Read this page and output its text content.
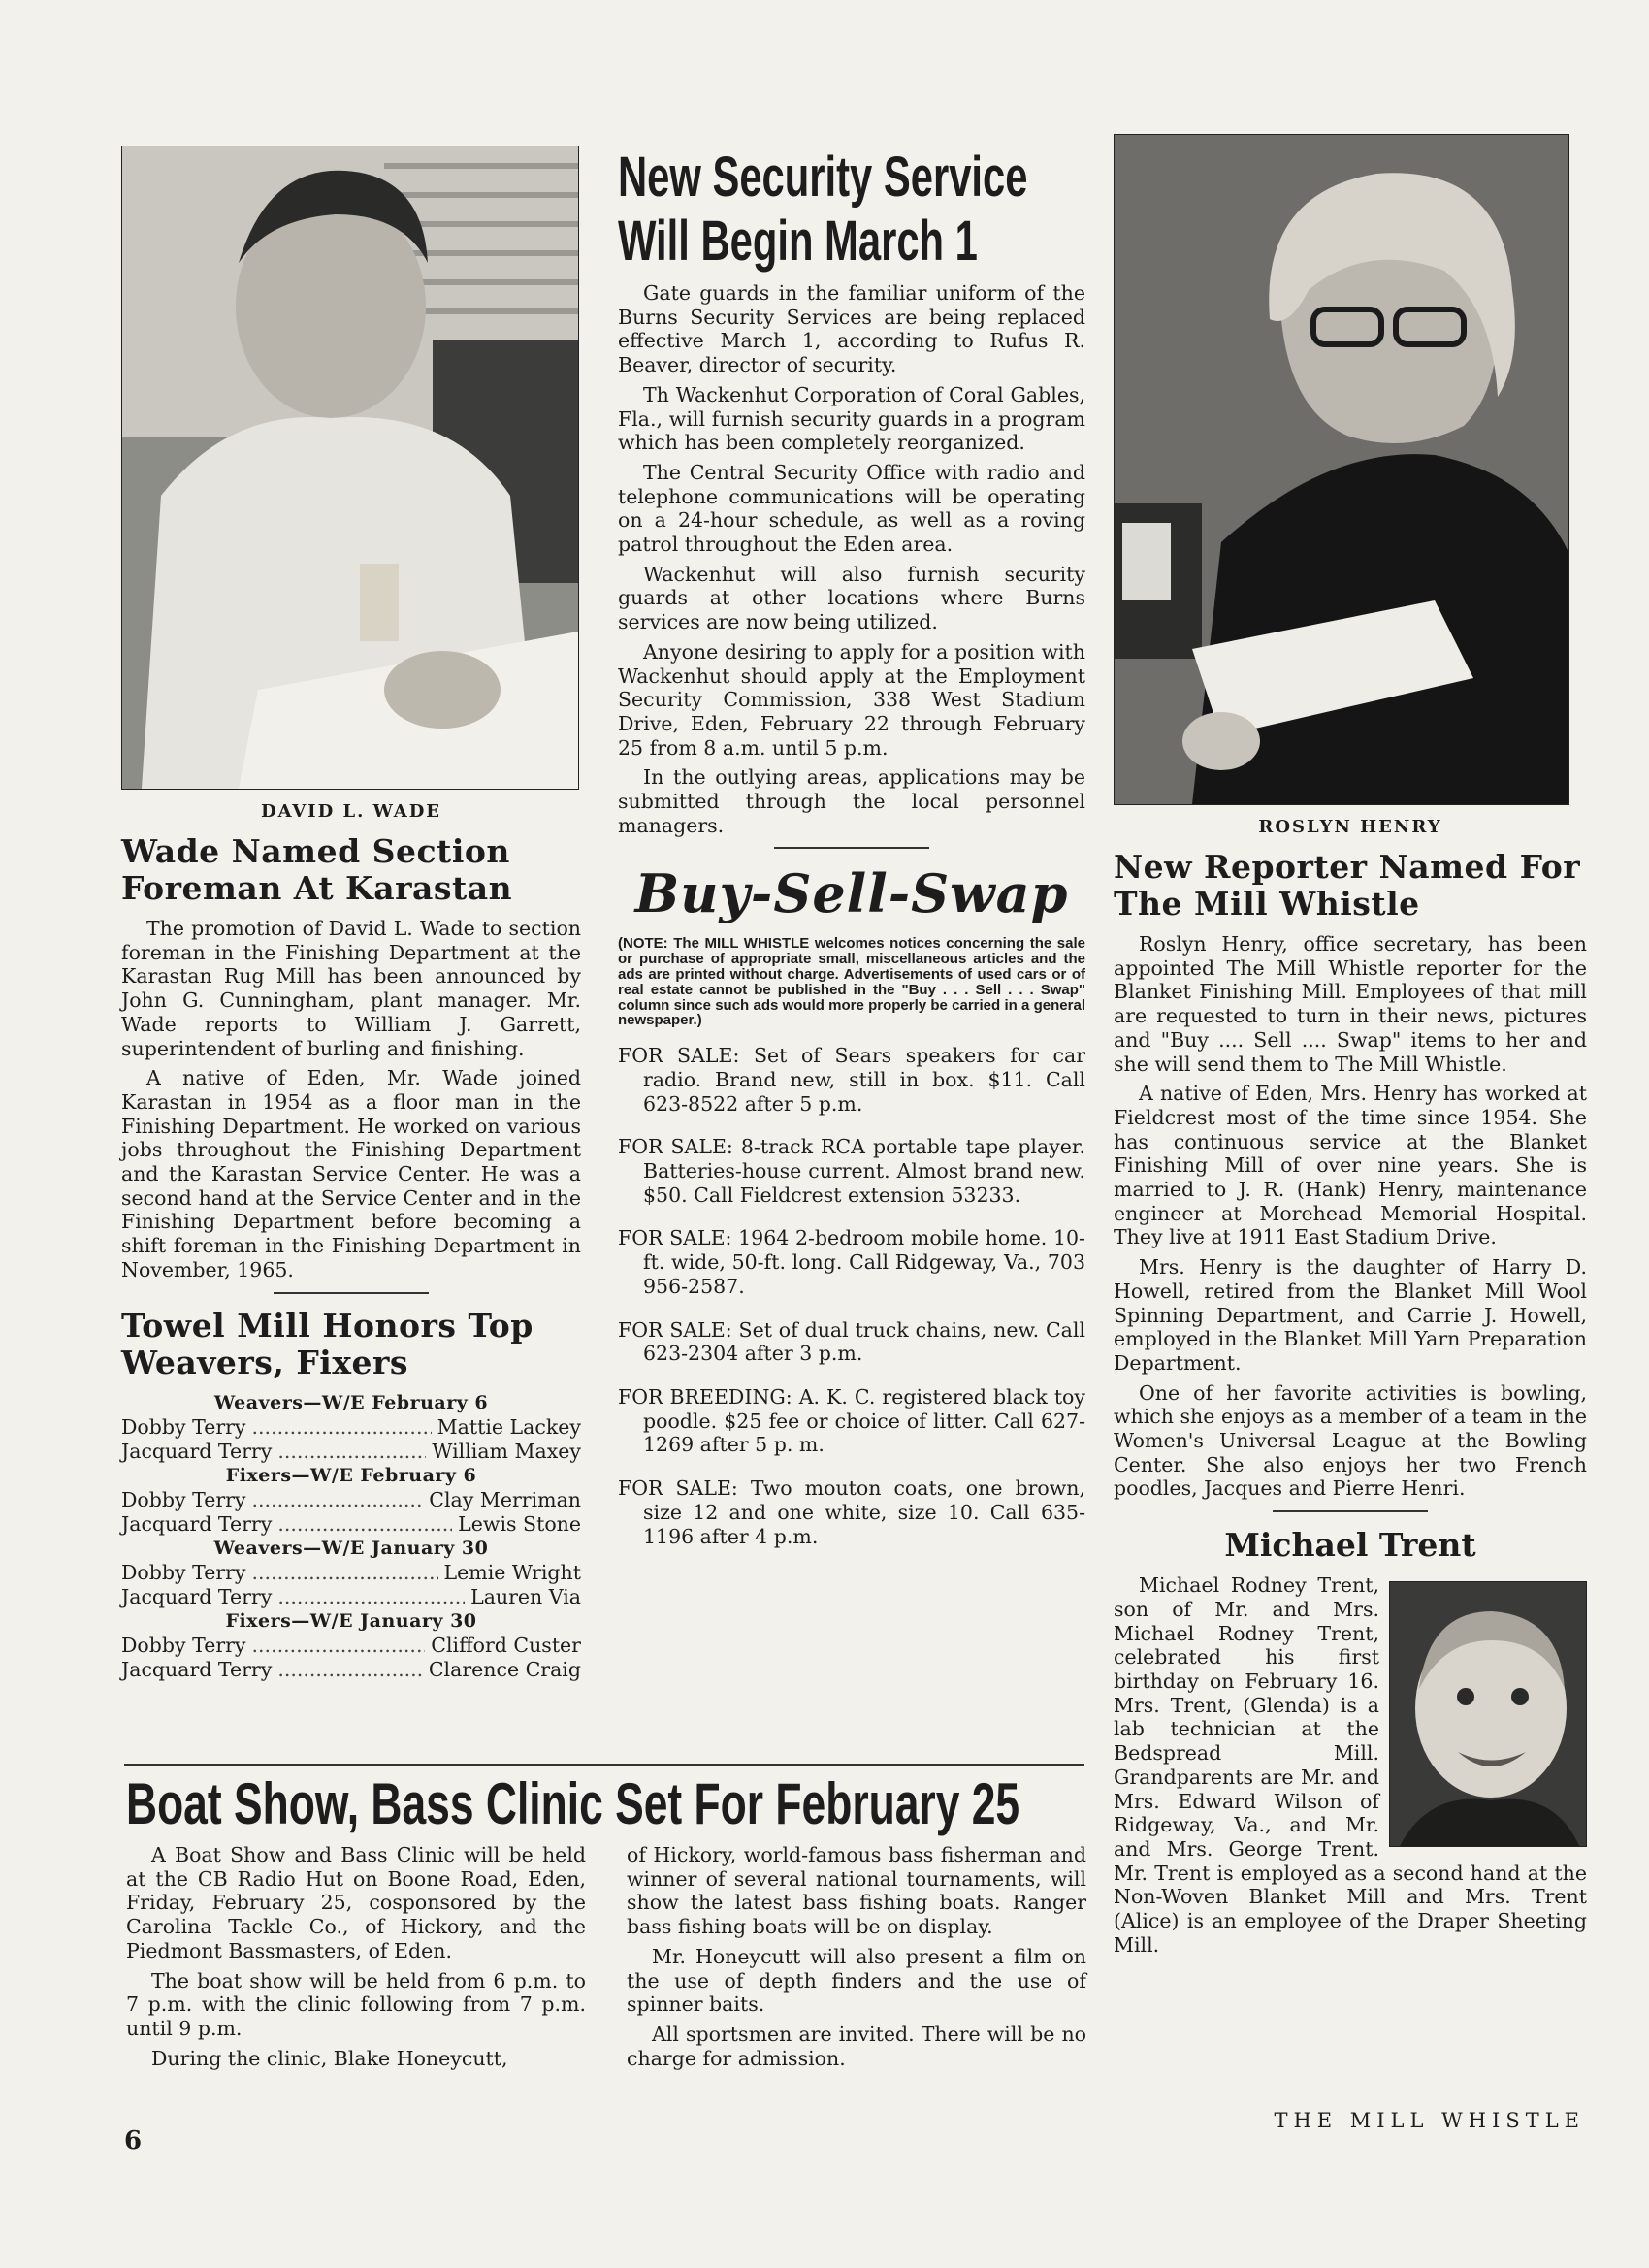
DAVID L. WADE
Wade Named Section Foreman At Karastan

The promotion of David L. Wade to section foreman in the Finishing Department at the Karastan Rug Mill has been announced by John G. Cunningham, plant manager. Mr. Wade reports to William J. Garrett, superintendent of burling and finishing.

A native of Eden, Mr. Wade joined Karastan in 1954 as a floor man in the Finishing Department. He worked on various jobs throughout the Finishing Department and the Karastan Service Center. He was a second hand at the Service Center and in the Finishing Department before becoming a shift foreman in the Finishing Department in November, 1965.

Towel Mill Honors Top Weavers, Fixers
Weavers—W/E February 6
Dobby Terry .....	Mattie Lackey
Jacquard Terry .....	William Maxey
Fixers—W/E February 6
Dobby Terry .....	Clay Merriman
Jacquard Terry .....	Lewis Stone
Weavers—W/E January 30
Dobby Terry .....	Lemie Wright
Jacquard Terry .....	Lauren Via
Fixers—W/E January 30
Dobby Terry .....	Clifford Custer
Jacquard Terry .....	Clarence Craig
New Security Service
Will Begin March 1

Gate guards in the familiar uniform of the Burns Security Services are being replaced effective March 1, according to Rufus R. Beaver, director of security.

Th Wackenhut Corporation of Coral Gables, Fla., will furnish security guards in a program which has been completely reorganized.

The Central Security Office with radio and telephone communications will be operating on a 24-hour schedule, as well as a roving patrol throughout the Eden area.

Wackenhut will also furnish security guards at other locations where Burns services are now being utilized.

Anyone desiring to apply for a position with Wackenhut should apply at the Employment Security Commission, 338 West Stadium Drive, Eden, February 22 through February 25 from 8 a.m. until 5 p.m.

In the outlying areas, applications may be submitted through the local personnel managers.

Buy-Sell-Swap
(NOTE: The MILL WHISTLE welcomes notices concerning the sale or purchase of appropriate small, miscellaneous articles and the ads are printed without charge. Advertisements of used cars or of real estate cannot be published in the "Buy . . . Sell . . . Swap" column since such ads would more properly be carried in a general newspaper.)
FOR SALE: Set of Sears speakers for car radio. Brand new, still in box. $11. Call 623-8522 after 5 p.m.
FOR SALE: 8-track RCA portable tape player. Batteries-house current. Almost brand new. $50. Call Fieldcrest extension 53233.
FOR SALE: 1964 2-bedroom mobile home. 10-ft. wide, 50-ft. long. Call Ridgeway, Va., 703 956-2587.
FOR SALE: Set of dual truck chains, new. Call 623-2304 after 3 p.m.
FOR BREEDING: A. K. C. registered black toy poodle. $25 fee or choice of litter. Call 627-1269 after 5 p. m.
FOR SALE: Two mouton coats, one brown, size 12 and one white, size 10. Call 635-1196 after 4 p.m.
ROSLYN HENRY
New Reporter Named For The Mill Whistle

Roslyn Henry, office secretary, has been appointed The Mill Whistle reporter for the Blanket Finishing Mill. Employees of that mill are requested to turn in their news, pictures and "Buy .... Sell .... Swap" items to her and she will send them to The Mill Whistle.

A native of Eden, Mrs. Henry has worked at Fieldcrest most of the time since 1954. She has continuous service at the Blanket Finishing Mill of over nine years. She is married to J. R. (Hank) Henry, maintenance engineer at Morehead Memorial Hospital. They live at 1911 East Stadium Drive.

Mrs. Henry is the daughter of Harry D. Howell, retired from the Blanket Mill Wool Spinning Department, and Carrie J. Howell, employed in the Blanket Mill Yarn Preparation Department.

One of her favorite activities is bowling, which she enjoys as a member of a team in the Women's Universal League at the Bowling Center. She also enjoys her two French poodles, Jacques and Pierre Henri.

Michael Trent
Michael Rodney Trent, son of Mr. and Mrs. Michael Rodney Trent, celebrated his first birthday on February 16. Mrs. Trent, (Glenda) is a lab technician at the Bedspread Mill. Grandparents are Mr. and Mrs. Edward Wilson of Ridgeway, Va., and Mr. and Mrs. George Trent. Mr. Trent is employed as a second hand at the Non-Woven Blanket Mill and Mrs. Trent (Alice) is an employee of the Draper Sheeting Mill.
Boat Show, Bass Clinic Set For February 25

A Boat Show and Bass Clinic will be held at the CB Radio Hut on Boone Road, Eden, Friday, February 25, cosponsored by the Carolina Tackle Co., of Hickory, and the Piedmont Bassmasters, of Eden.

The boat show will be held from 6 p.m. to 7 p.m. with the clinic following from 7 p.m. until 9 p.m.

During the clinic, Blake Honeycutt,

of Hickory, world-famous bass fisherman and winner of several national tournaments, will show the latest bass fishing boats. Ranger bass fishing boats will be on display.

Mr. Honeycutt will also present a film on the use of depth finders and the use of spinner baits.

All sportsmen are invited. There will be no charge for admission.

6
THE MILL WHISTLE
